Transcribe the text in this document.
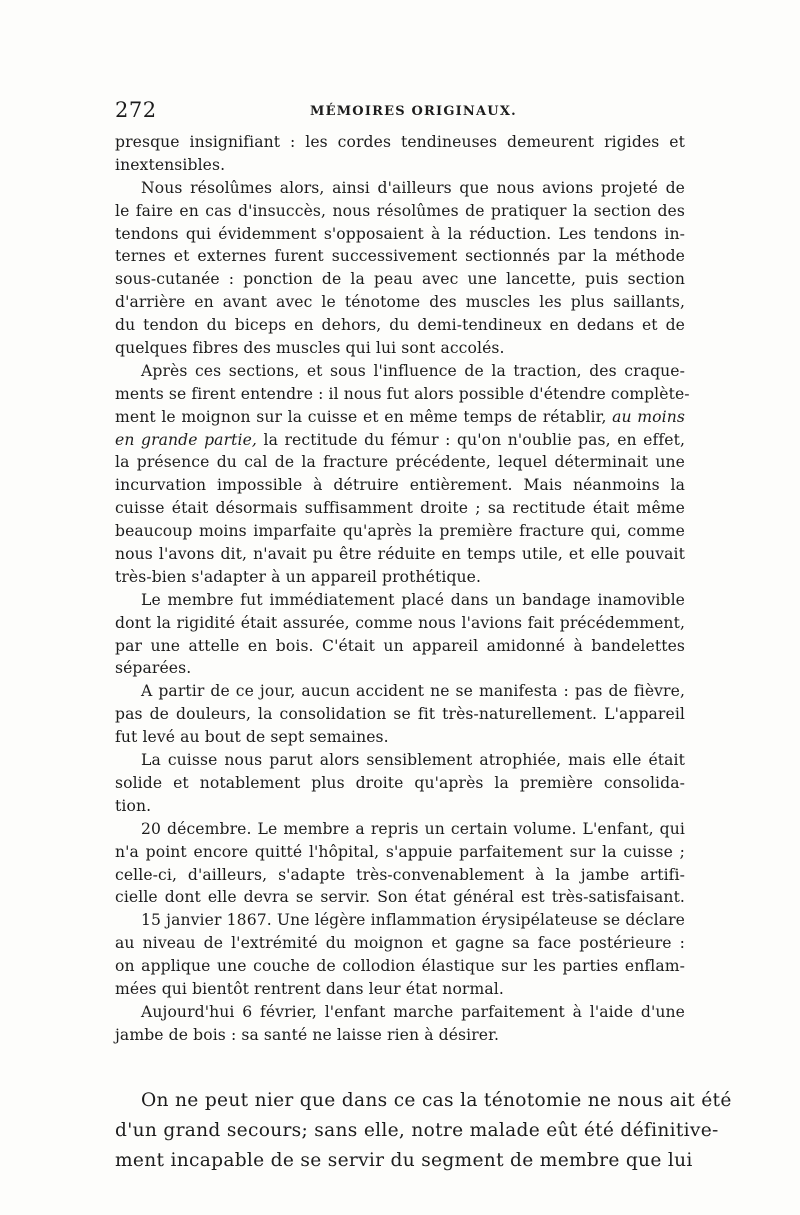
272	MÉMOIRES ORIGINAUX.
presque insignifiant : les cordes tendineuses demeurent rigides et
inextensibles.
Nous résolûmes alors, ainsi d'ailleurs que nous avions projeté de
le faire en cas d'insuccès, nous résolûmes de pratiquer la section des
tendons qui évidemment s'opposaient à la réduction. Les tendons in-
ternes et externes furent successivement sectionnés par la méthode
sous-cutanée : ponction de la peau avec une lancette, puis section
d'arrière en avant avec le ténotome des muscles les plus saillants,
du tendon du biceps en dehors, du demi-tendineux en dedans et de
quelques fibres des muscles qui lui sont accolés.
Après ces sections, et sous l'influence de la traction, des craque-
ments se firent entendre : il nous fut alors possible d'étendre complète-
ment le moignon sur la cuisse et en même temps de rétablir, au moins
en grande partie, la rectitude du fémur : qu'on n'oublie pas, en effet,
la présence du cal de la fracture précédente, lequel déterminait une
incurvation impossible à détruire entièrement. Mais néanmoins la
cuisse était désormais suffisamment droite ; sa rectitude était même
beaucoup moins imparfaite qu'après la première fracture qui, comme
nous l'avons dit, n'avait pu être réduite en temps utile, et elle pouvait
très-bien s'adapter à un appareil prothétique.
Le membre fut immédiatement placé dans un bandage inamovible
dont la rigidité était assurée, comme nous l'avions fait précédemment,
par une attelle en bois. C'était un appareil amidonné à bandelettes
séparées.
A partir de ce jour, aucun accident ne se manifesta : pas de fièvre,
pas de douleurs, la consolidation se fit très-naturellement. L'appareil
fut levé au bout de sept semaines.
La cuisse nous parut alors sensiblement atrophiée, mais elle était
solide et notablement plus droite qu'après la première consolida-
tion.
20 décembre. Le membre a repris un certain volume. L'enfant, qui
n'a point encore quitté l'hôpital, s'appuie parfaitement sur la cuisse ;
celle-ci, d'ailleurs, s'adapte très-convenablement à la jambe artifi-
cielle dont elle devra se servir. Son état général est très-satisfaisant.
15 janvier 1867. Une légère inflammation érysipélateuse se déclare
au niveau de l'extrémité du moignon et gagne sa face postérieure :
on applique une couche de collodion élastique sur les parties enflam-
mées qui bientôt rentrent dans leur état normal.
Aujourd'hui 6 février, l'enfant marche parfaitement à l'aide d'une
jambe de bois : sa santé ne laisse rien à désirer.
On ne peut nier que dans ce cas la ténotomie ne nous ait été
d'un grand secours; sans elle, notre malade eût été définitive-
ment incapable de se servir du segment de membre que lui
